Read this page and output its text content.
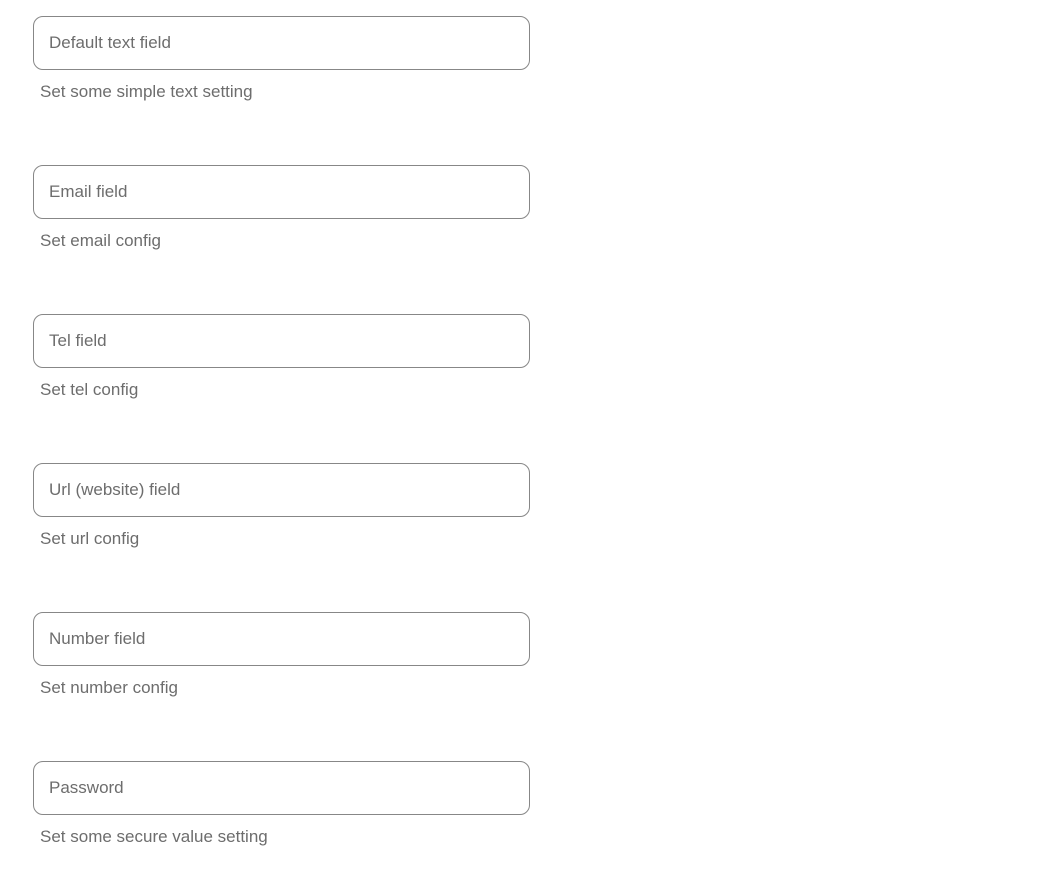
Default text field
Set some simple text setting
Email field
Set email config
Tel field
Set tel config
Url (website) field
Set url config
Number field
Set number config
Set some secure value setting
